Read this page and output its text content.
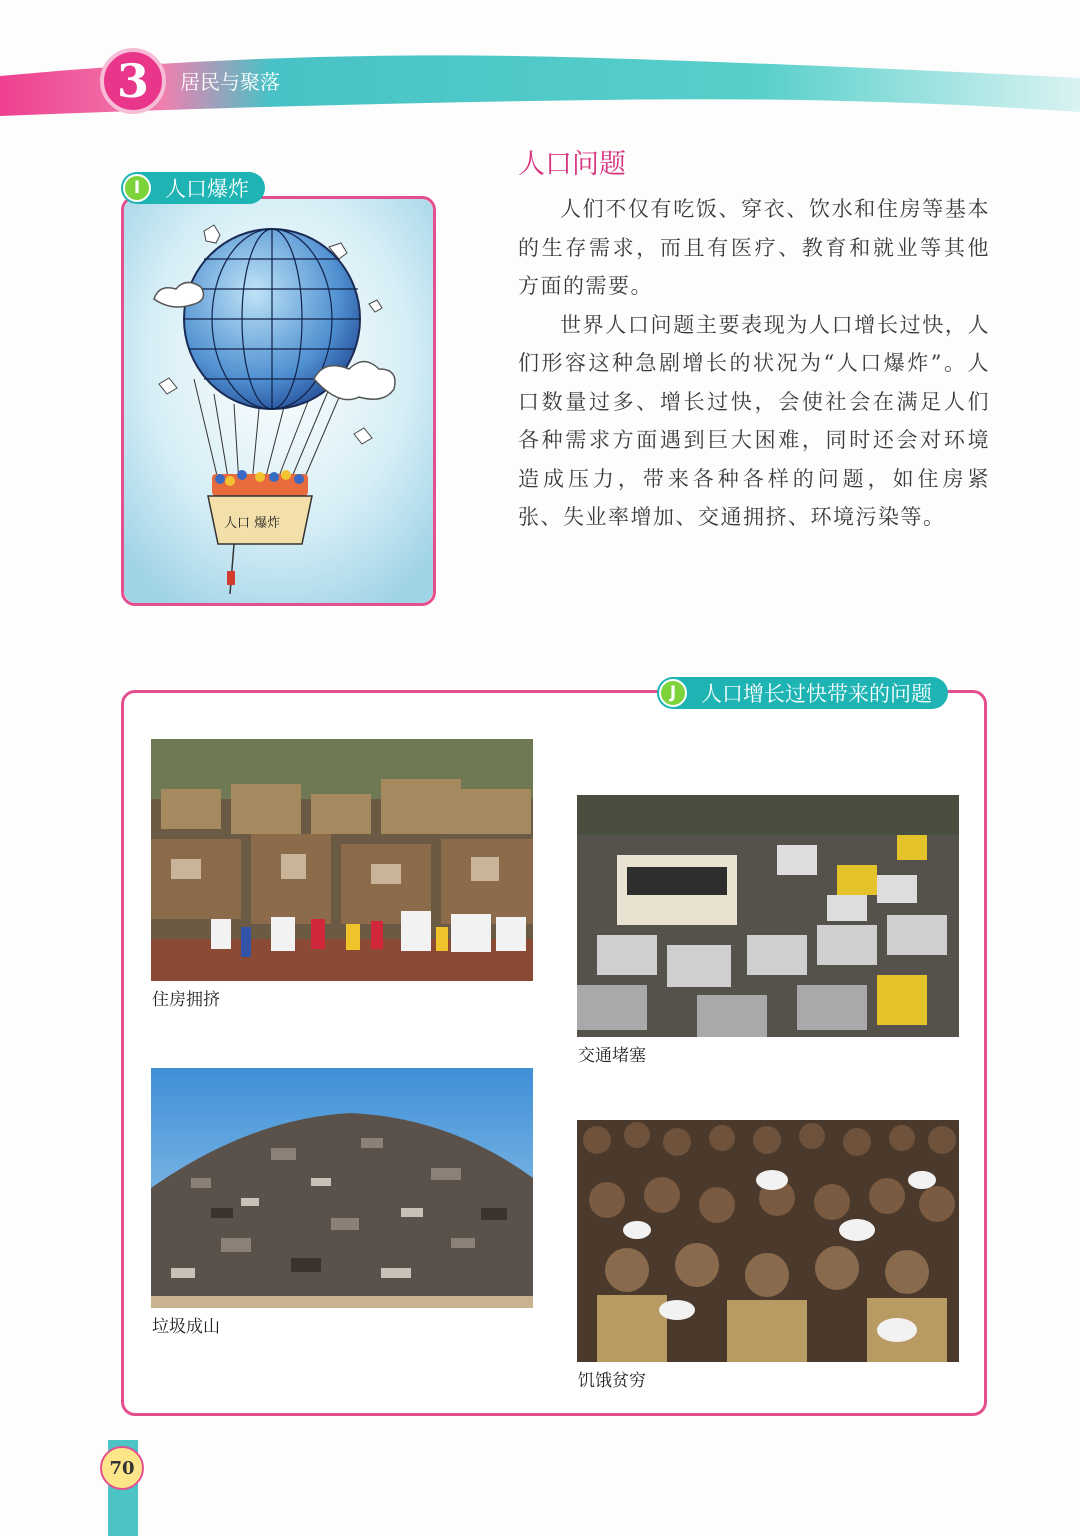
3	居民与聚落
人口问题

人们不仅有吃饭、穿衣、饮水和住房等基本的生存需求，而且有医疗、教育和就业等其他方面的需要。

世界人口问题主要表现为人口增长过快，人们形容这种急剧增长的状况为“人口爆炸”。人口数量过多、增长过快，会使社会在满足人们各种需求方面遇到巨大困难，同时还会对环境造成压力，带来各种各样的问题，如住房紧张、失业率增加、交通拥挤、环境污染等。

人口 爆炸
I	人口爆炸
J	人口增长过快带来的问题
住房拥挤
交通堵塞
垃圾成山
饥饿贫穷
70
